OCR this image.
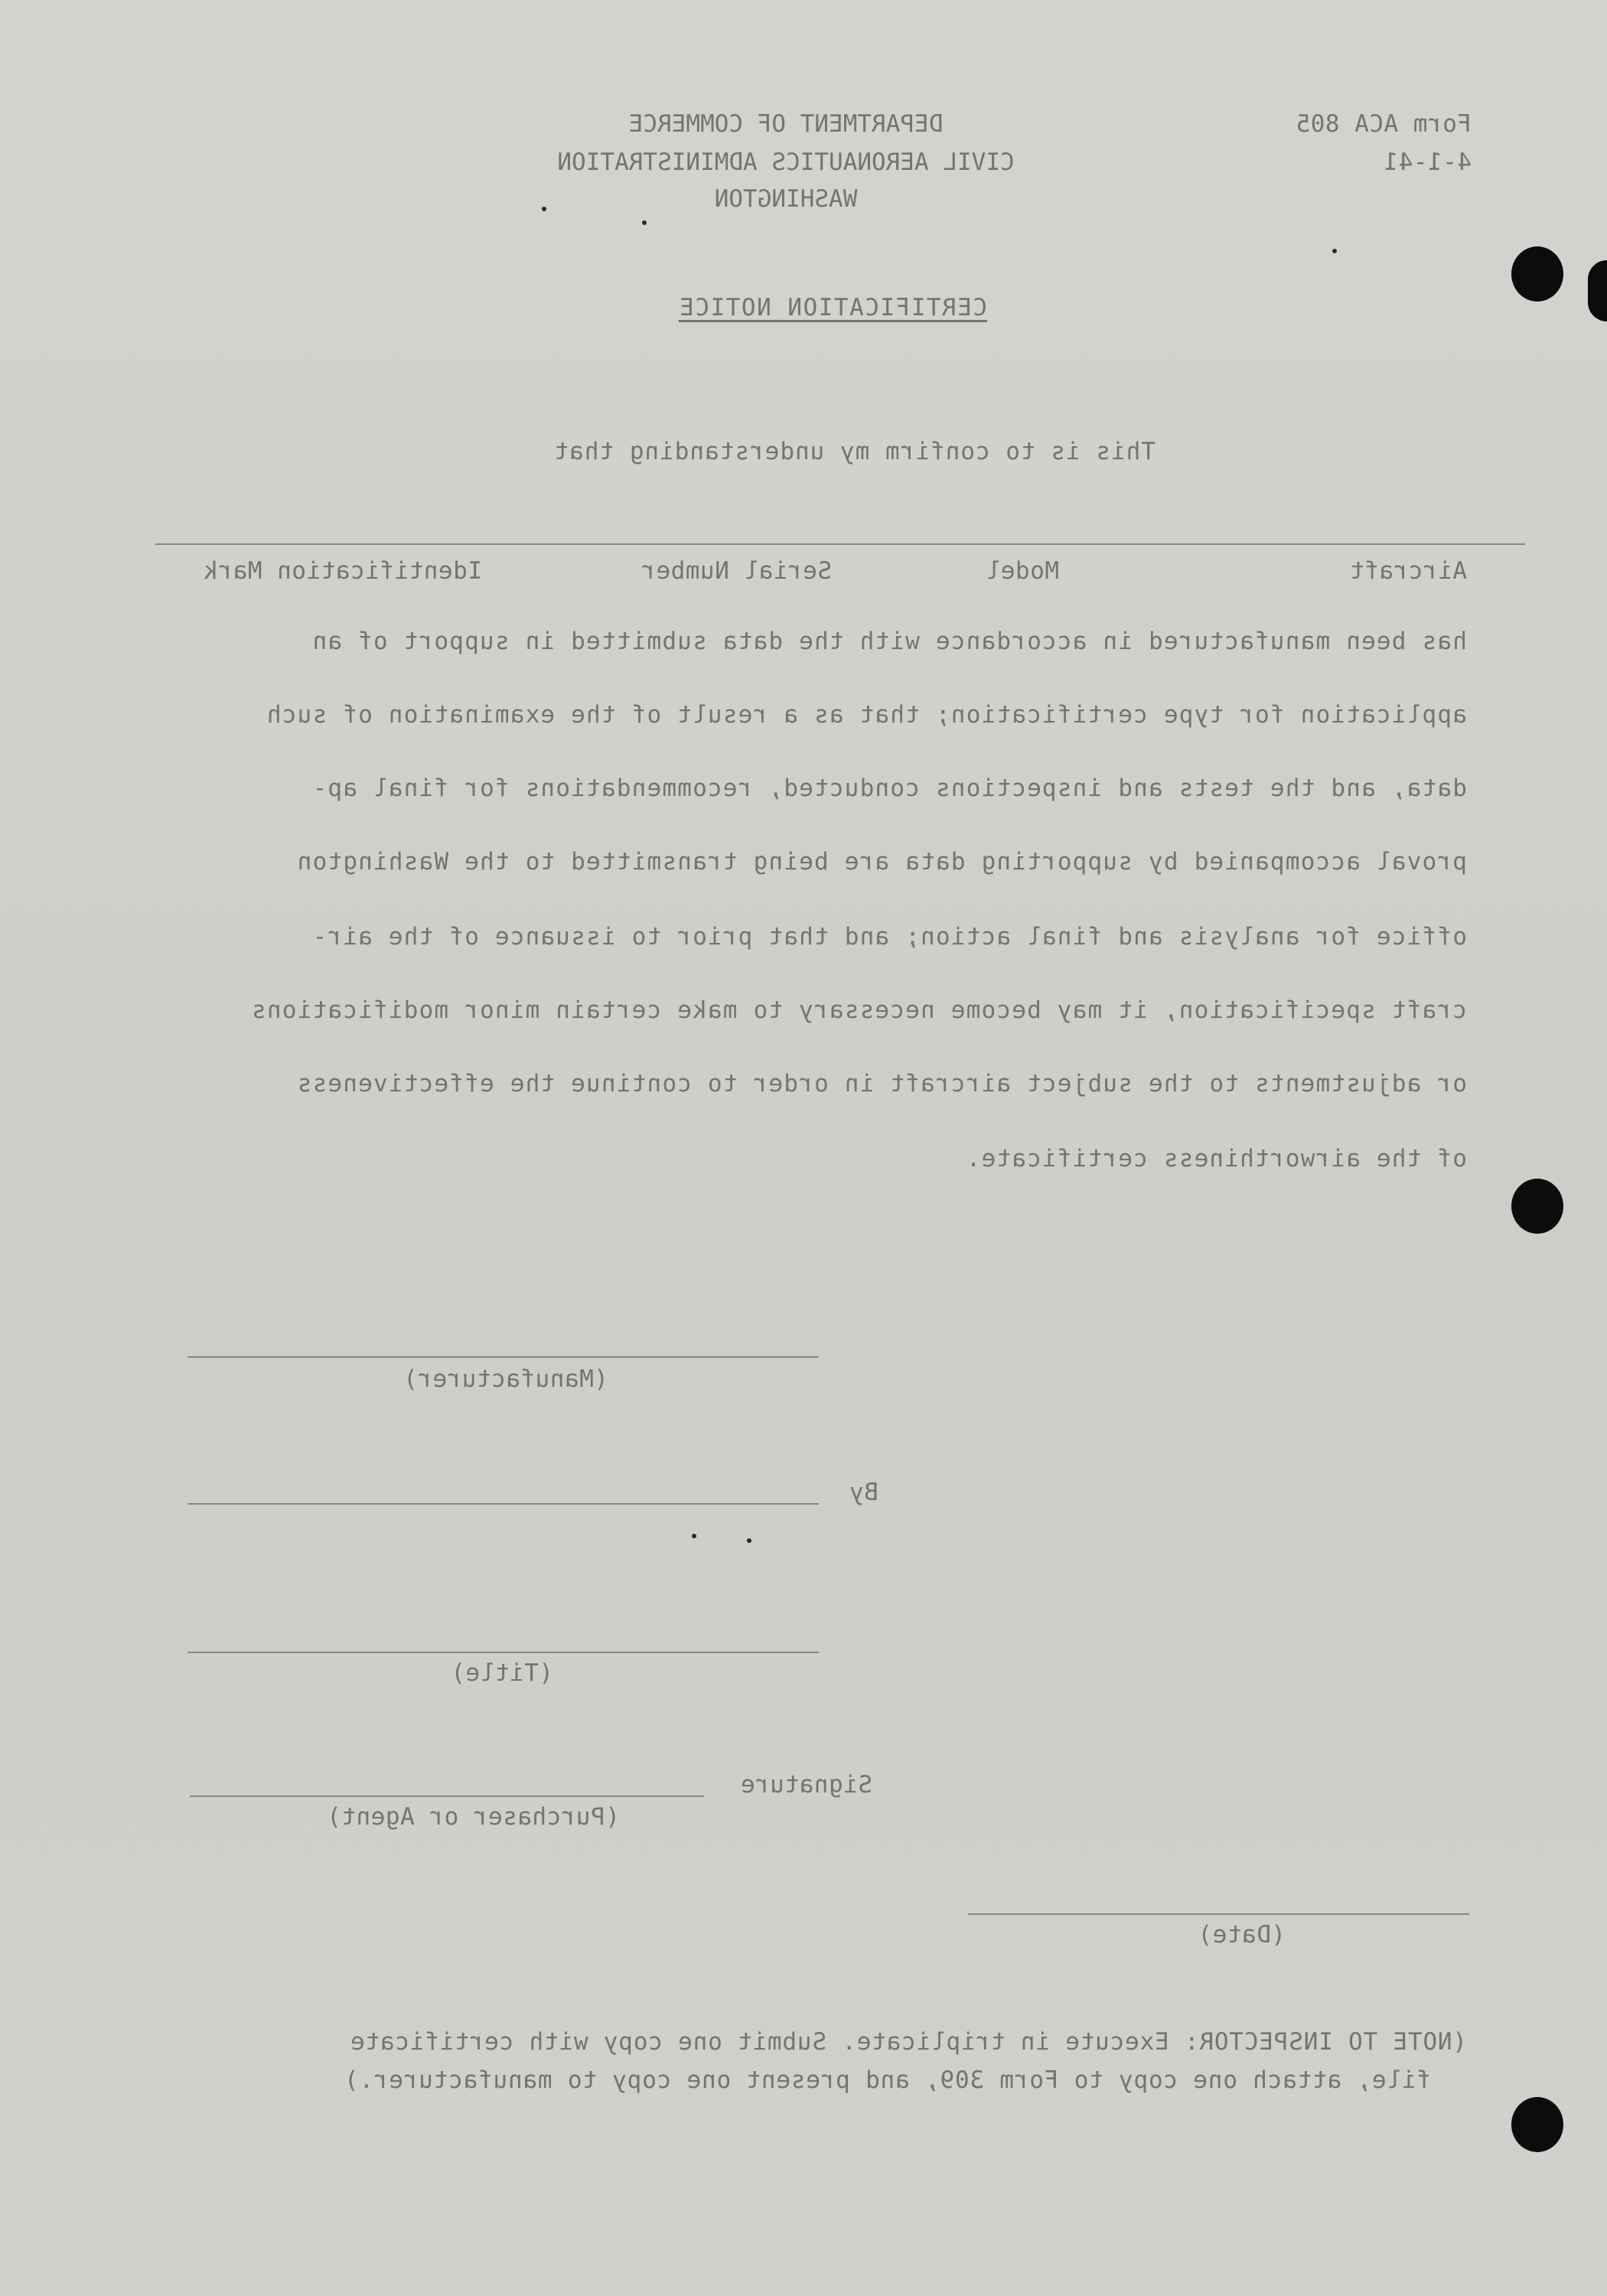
Form ACA 805
4-1-41
DEPARTMENT OF COMMERCE
CIVIL AERONAUTICS ADMINISTRATION
WASHINGTON
CERTIFICATION NOTICE
This is to confirm my understanding that
Aircraft
Model
Serial Number
Identification Mark
has been manufactured in accordance with the data submitted in support of an
application for type certification; that as a result of the examination of such
data, and the tests and inspections conducted, recommendations for final ap-
proval accompanied by supporting data are being transmitted to the Washington
office for analysis and final action; and that prior to issuance of the air-
craft specification, it may become necessary to make certain minor modifications
or adjustments to the subject aircraft in order to continue the effectiveness
of the airworthiness certificate.
(Manufacturer)
By
(Title)
Signature
(Purchaser or Agent)
(Date)
(NOTE TO INSPECTOR: Execute in triplicate. Submit one copy with certificate
file, attach one copy to Form 309, and present one copy to manufacturer.)
